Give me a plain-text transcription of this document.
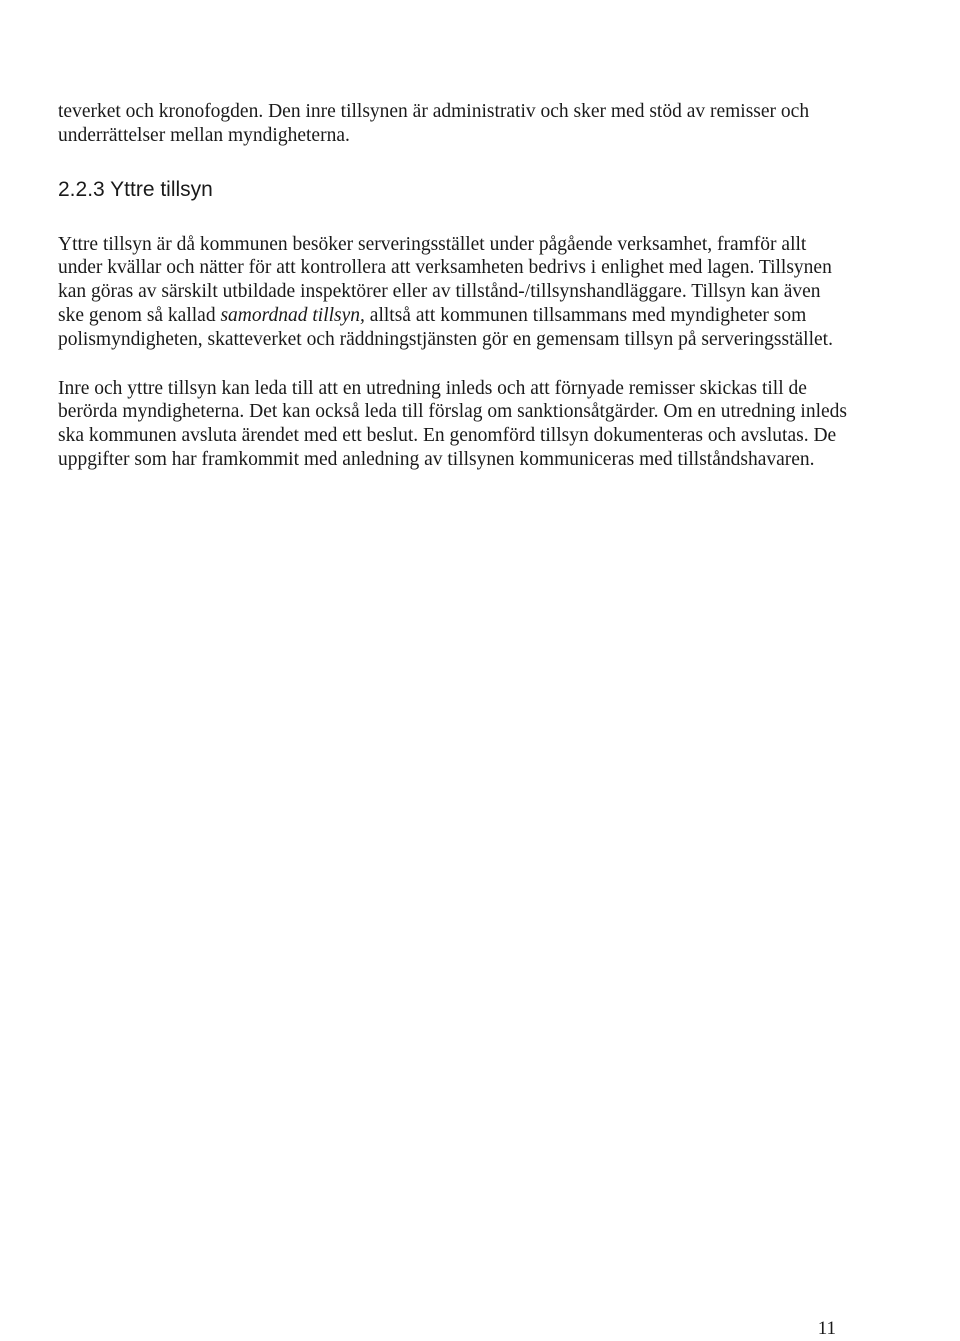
teverket och kronofogden. Den inre tillsynen är administrativ och sker med stöd av remisser och underrättelser mellan myndigheterna.

2.2.3 Yttre tillsyn

Yttre tillsyn är då kommunen besöker serveringsstället under pågående verksamhet, framför allt under kvällar och nätter för att kontrollera att verksamheten bedrivs i enlighet med lagen. Tillsynen kan göras av särskilt utbildade inspektörer eller av tillstånd-/tillsynshandläggare. Tillsyn kan även ske genom så kallad samordnad tillsyn, alltså att kommunen tillsammans med myndigheter som polismyndigheten, skatteverket och räddningstjänsten gör en gemensam tillsyn på serveringsstället.

Inre och yttre tillsyn kan leda till att en utredning inleds och att förnyade remisser skickas till de berörda myndigheterna. Det kan också leda till förslag om sanktionsåtgärder. Om en utredning inleds ska kommunen avsluta ärendet med ett beslut. En genomförd tillsyn dokumenteras och avslutas. De uppgifter som har framkommit med anledning av tillsynen kommuniceras med tillståndshavaren.

11
